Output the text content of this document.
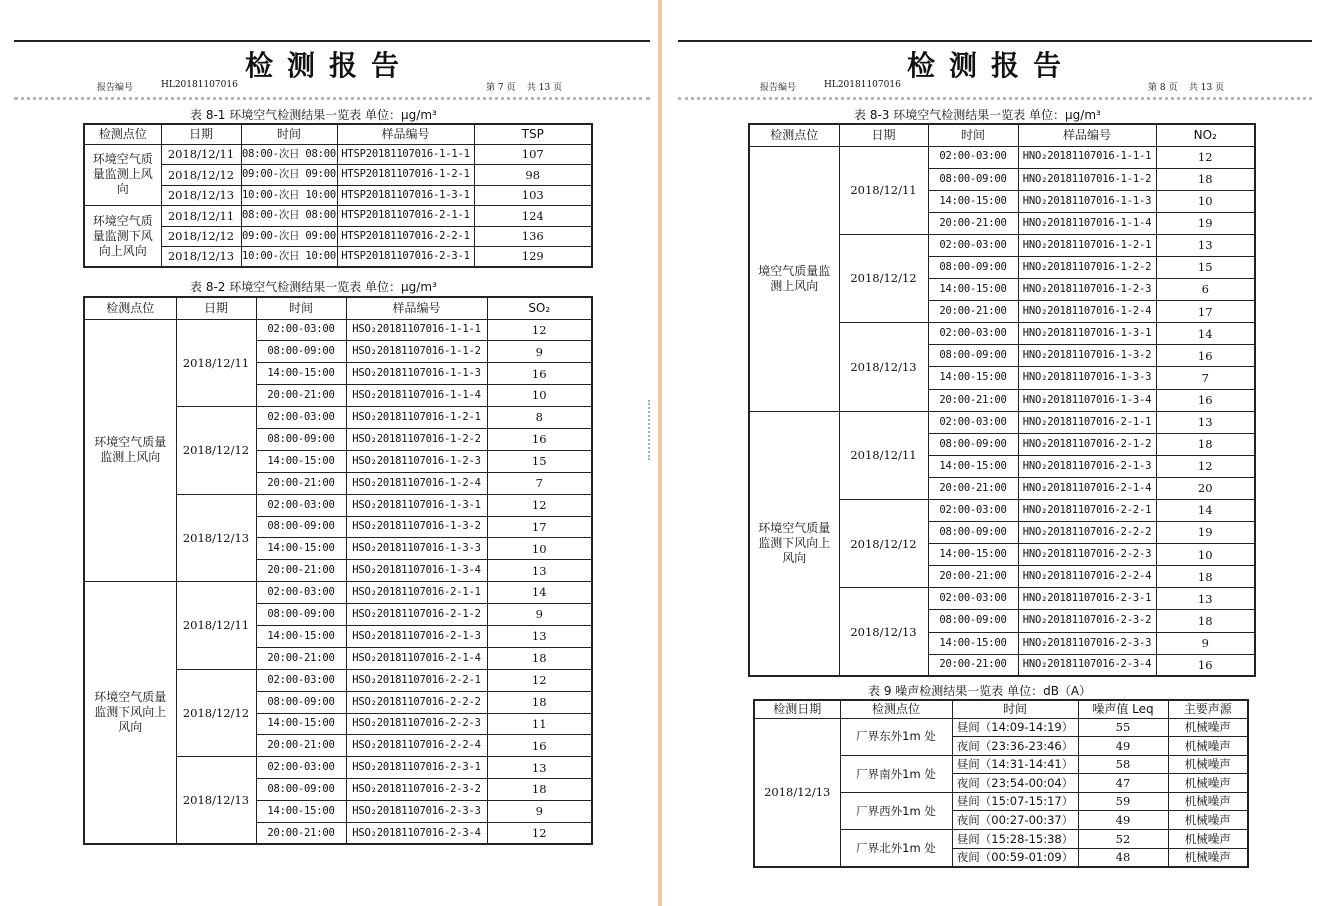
检测报告
报告编号	HL20181107016	第 7 页    共 13 页
表 8-1 环境空气检测结果一览表 单位：μg/m³
检测点位	日期	时间	样品编号	TSP
环境空气质量监测上风向	2018/12/11	08:00-次日 08:00	HTSP20181107016-1-1-1	107
	2018/12/12	09:00-次日 09:00	HTSP20181107016-1-2-1	98
	2018/12/13	10:00-次日 10:00	HTSP20181107016-1-3-1	103
环境空气质量监测下风向上风向	2018/12/11	08:00-次日 08:00	HTSP20181107016-2-1-1	124
	2018/12/12	09:00-次日 09:00	HTSP20181107016-2-2-1	136
	2018/12/13	10:00-次日 10:00	HTSP20181107016-2-3-1	129
表 8-2 环境空气检测结果一览表 单位：μg/m³
检测点位	日期	时间	样品编号	SO₂
环境空气质量监测上风向	2018/12/11	02:00-03:00	HSO₂20181107016-1-1-1	12
		08:00-09:00	HSO₂20181107016-1-1-2	9
		14:00-15:00	HSO₂20181107016-1-1-3	16
		20:00-21:00	HSO₂20181107016-1-1-4	10
	2018/12/12	02:00-03:00	HSO₂20181107016-1-2-1	8
		08:00-09:00	HSO₂20181107016-1-2-2	16
		14:00-15:00	HSO₂20181107016-1-2-3	15
		20:00-21:00	HSO₂20181107016-1-2-4	7
	2018/12/13	02:00-03:00	HSO₂20181107016-1-3-1	12
		08:00-09:00	HSO₂20181107016-1-3-2	17
		14:00-15:00	HSO₂20181107016-1-3-3	10
		20:00-21:00	HSO₂20181107016-1-3-4	13
环境空气质量监测下风向上风向	2018/12/11	02:00-03:00	HSO₂20181107016-2-1-1	14
		08:00-09:00	HSO₂20181107016-2-1-2	9
		14:00-15:00	HSO₂20181107016-2-1-3	13
		20:00-21:00	HSO₂20181107016-2-1-4	18
	2018/12/12	02:00-03:00	HSO₂20181107016-2-2-1	12
		08:00-09:00	HSO₂20181107016-2-2-2	18
		14:00-15:00	HSO₂20181107016-2-2-3	11
		20:00-21:00	HSO₂20181107016-2-2-4	16
	2018/12/13	02:00-03:00	HSO₂20181107016-2-3-1	13
		08:00-09:00	HSO₂20181107016-2-3-2	18
		14:00-15:00	HSO₂20181107016-2-3-3	9
		20:00-21:00	HSO₂20181107016-2-3-4	12
检测报告
报告编号	HL20181107016	第 8 页    共 13 页
表 8-3 环境空气检测结果一览表 单位：μg/m³
检测点位	日期	时间	样品编号	NO₂
境空气质量监测上风向	2018/12/11	02:00-03:00	HNO₂20181107016-1-1-1	12
		08:00-09:00	HNO₂20181107016-1-1-2	18
		14:00-15:00	HNO₂20181107016-1-1-3	10
		20:00-21:00	HNO₂20181107016-1-1-4	19
	2018/12/12	02:00-03:00	HNO₂20181107016-1-2-1	13
		08:00-09:00	HNO₂20181107016-1-2-2	15
		14:00-15:00	HNO₂20181107016-1-2-3	6
		20:00-21:00	HNO₂20181107016-1-2-4	17
	2018/12/13	02:00-03:00	HNO₂20181107016-1-3-1	14
		08:00-09:00	HNO₂20181107016-1-3-2	16
		14:00-15:00	HNO₂20181107016-1-3-3	7
		20:00-21:00	HNO₂20181107016-1-3-4	16
环境空气质量监测下风向上风向	2018/12/11	02:00-03:00	HNO₂20181107016-2-1-1	13
		08:00-09:00	HNO₂20181107016-2-1-2	18
		14:00-15:00	HNO₂20181107016-2-1-3	12
		20:00-21:00	HNO₂20181107016-2-1-4	20
	2018/12/12	02:00-03:00	HNO₂20181107016-2-2-1	14
		08:00-09:00	HNO₂20181107016-2-2-2	19
		14:00-15:00	HNO₂20181107016-2-2-3	10
		20:00-21:00	HNO₂20181107016-2-2-4	18
	2018/12/13	02:00-03:00	HNO₂20181107016-2-3-1	13
		08:00-09:00	HNO₂20181107016-2-3-2	18
		14:00-15:00	HNO₂20181107016-2-3-3	9
		20:00-21:00	HNO₂20181107016-2-3-4	16
表 9 噪声检测结果一览表 单位：dB（A）
检测日期	检测点位	时间	噪声值 Leq	主要声源
2018/12/13	厂界东外1m 处	昼间（14:09-14:19）	55	机械噪声
		夜间（23:36-23:46）	49	机械噪声
	厂界南外1m 处	昼间（14:31-14:41）	58	机械噪声
		夜间（23:54-00:04）	47	机械噪声
	厂界西外1m 处	昼间（15:07-15:17）	59	机械噪声
		夜间（00:27-00:37）	49	机械噪声
	厂界北外1m 处	昼间（15:28-15:38）	52	机械噪声
		夜间（00:59-01:09）	48	机械噪声
